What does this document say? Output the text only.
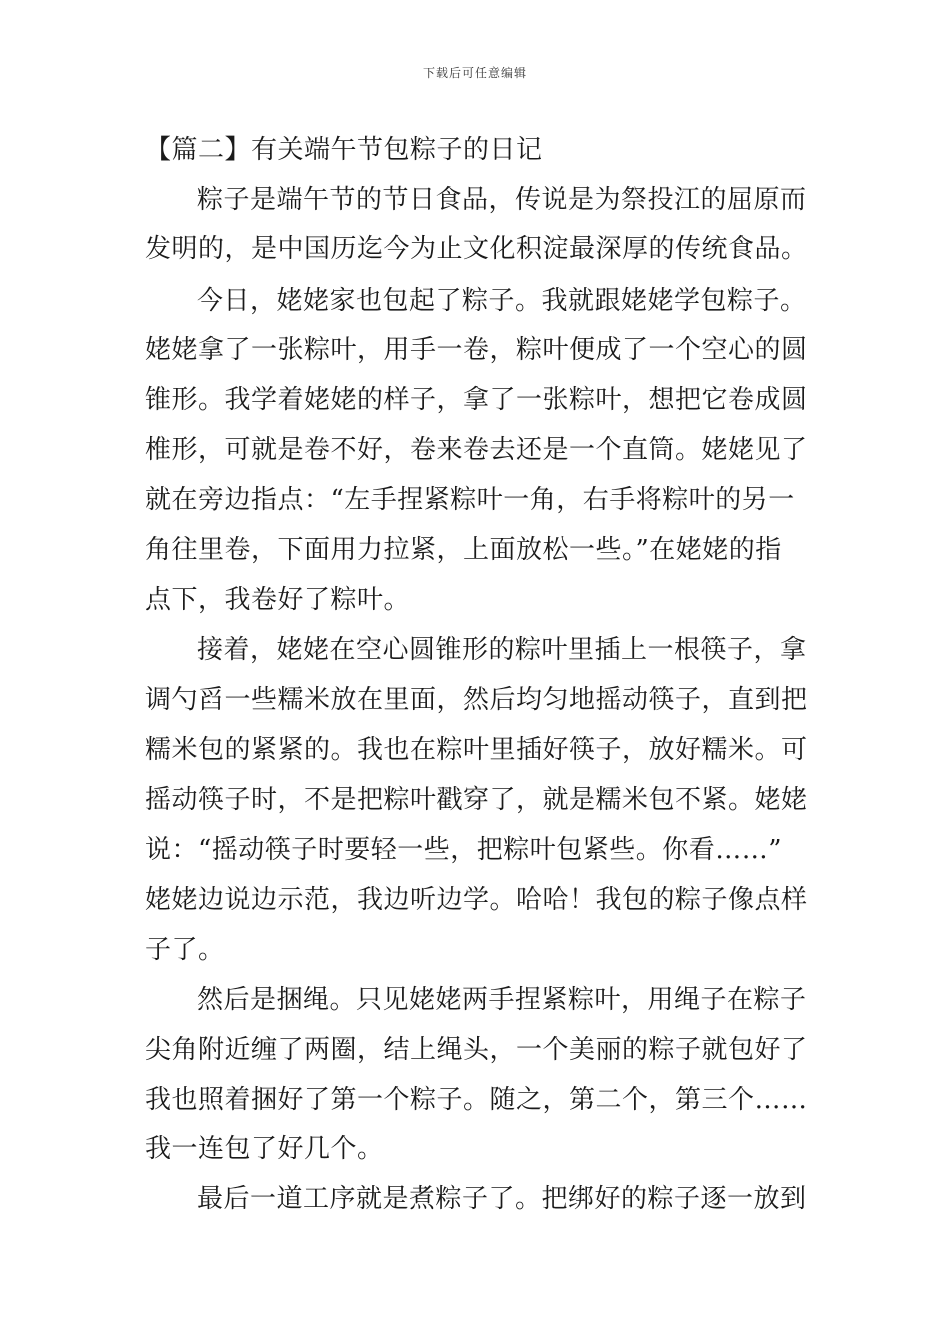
下载后可任意编辑
【篇二】有关端午节包粽子的日记
粽子是端午节的节日食品，传说是为祭投江的屈原而
发明的，是中国历迄今为止文化积淀最深厚的传统食品。
今日，姥姥家也包起了粽子。我就跟姥姥学包粽子。
姥姥拿了一张粽叶，用手一卷，粽叶便成了一个空心的圆
锥形。我学着姥姥的样子，拿了一张粽叶，想把它卷成圆
椎形，可就是卷不好，卷来卷去还是一个直筒。姥姥见了
就在旁边指点：“左手捏紧粽叶一角，右手将粽叶的另一
角往里卷，下面用力拉紧，上面放松一些。”在姥姥的指
点下，我卷好了粽叶。
接着，姥姥在空心圆锥形的粽叶里插上一根筷子，拿
调勺舀一些糯米放在里面，然后均匀地摇动筷子，直到把
糯米包的紧紧的。我也在粽叶里插好筷子，放好糯米。可
摇动筷子时，不是把粽叶戳穿了，就是糯米包不紧。姥姥
说：“摇动筷子时要轻一些，把粽叶包紧些。你看……”
姥姥边说边示范，我边听边学。哈哈！我包的粽子像点样
子了。
然后是捆绳。只见姥姥两手捏紧粽叶，用绳子在粽子
尖角附近缠了两圈，结上绳头，一个美丽的粽子就包好了
我也照着捆好了第一个粽子。随之，第二个，第三个……
我一连包了好几个。
最后一道工序就是煮粽子了。把绑好的粽子逐一放到
